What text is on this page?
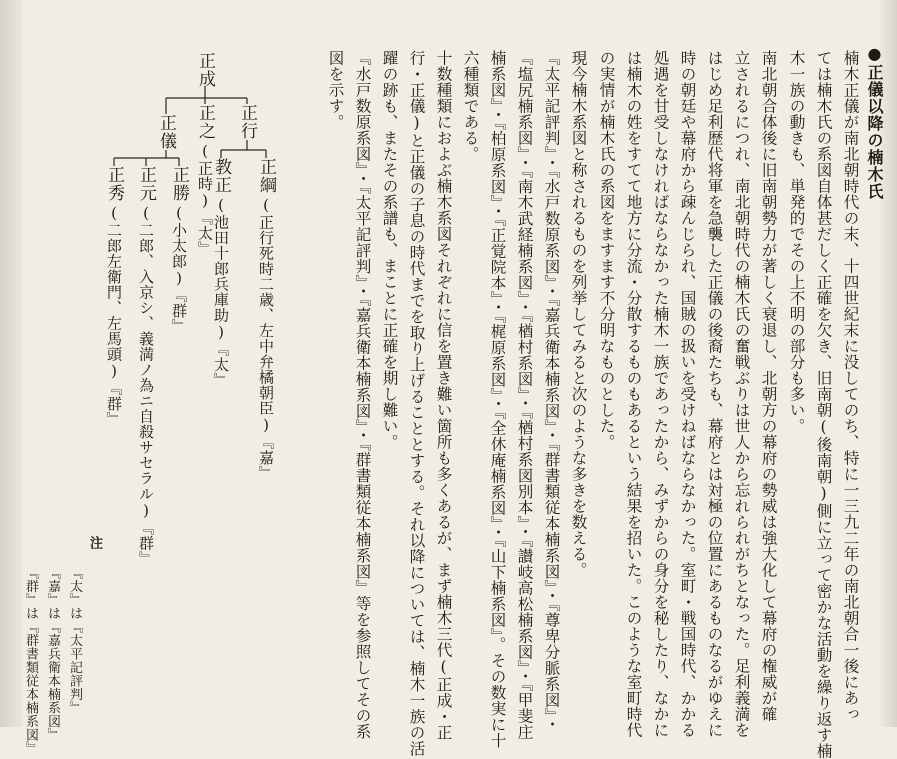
●正儀以降の楠木氏
楠木正儀が南北朝時代の末、十四世紀末に没してのち、特に一三九二年の南北朝合一後にあっ
ては楠木氏の系図自体甚だしく正確を欠き、旧南朝(後南朝)側に立って密かな活動を繰り返す楠
木一族の動きも、単発的でその上不明の部分も多い。
南北朝合体後に旧南朝勢力が著しく衰退し、北朝方の幕府の勢威は強大化して幕府の権威が確
立されるにつれ、南北朝時代の楠木氏の奮戦ぶりは世人から忘れられがちとなった。足利義満を
はじめ足利歴代将軍を急襲した正儀の後裔たちも、幕府とは対極の位置にあるものなるがゆえに
時の朝廷や幕府から疎んじられ、国賊の扱いを受けねばならなかった。室町・戦国時代、かかる
処遇を甘受しなければならなかった楠木一族であったから、みずからの身分を秘したり、なかに
は楠木の姓をすてて地方に分流・分散するものもあるという結果を招いた。このような室町時代
の実情が楠木氏の系図をますます不分明なものとした。
現今楠木系図と称されるものを列挙してみると次のような多きを数える。
『太平記評判』・『水戸数原系図』・『嘉兵衛本楠系図』・『群書類従本楠系図』・『尊卑分脈系図』・
『塩尻楠系図』・『南木武経楠系図』・『楢村系図』・『楢村系図別本』・『讃岐高松楠系図』・『甲斐庄
楠系図』・『柏原系図』・『正覚院本』・『梶原系図』・『全休庵楠系図』・『山下楠系図』。その数実に十
六種類である。
十数種類におよぶ楠木系図それぞれに信を置き難い箇所も多くあるが、まず楠木三代(正成・正
行・正儀)と正儀の子息の時代までを取り上げることとする。それ以降については、楠木一族の活
躍の跡も、またその系譜も、まことに正確を期し難い。
『水戸数原系図』・『太平記評判』・『嘉兵衛本楠系図』・『群書類従本楠系図』等を参照してその系
図を示す。
正成
正行
正之
(正時)『太』
正儀
正綱
(正行死時二歳、左中弁橘朝臣)『嘉』
教正
(池田十郎兵庫助)『太』
正勝
(小太郎)『群』
正元
(二郎、入京シ、義満ノ為ニ自殺サセラル)『群』
正秀
(二郎左衛門、左馬頭)『群』
注
『太』は『太平記評判』
『嘉』は『嘉兵衛本楠系図』
『群』は『群書類従本楠系図』
